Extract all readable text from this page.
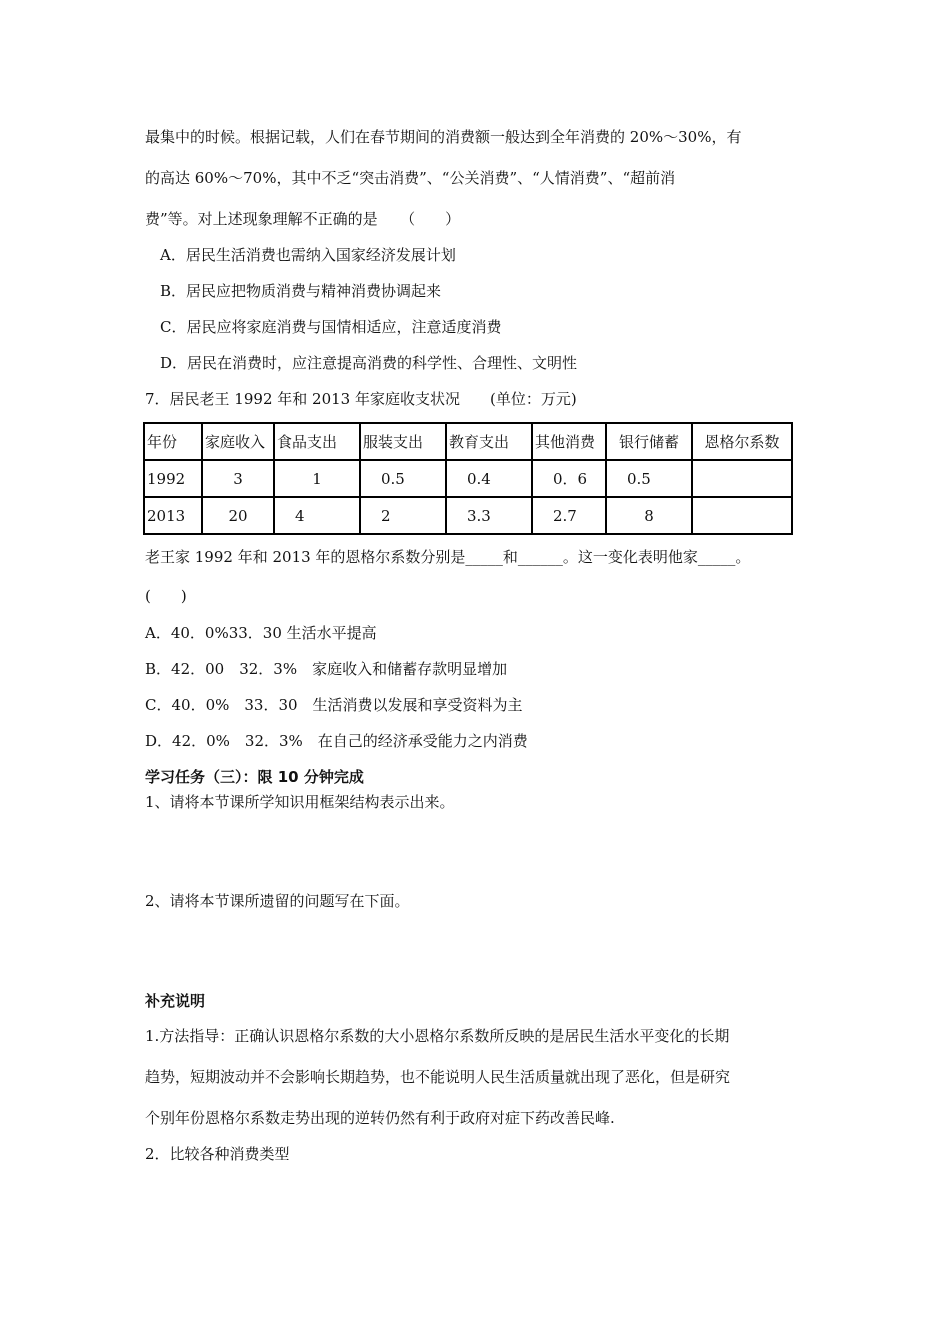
最集中的时候。根据记载，人们在春节期间的消费额一般达到全年消费的 20%～30%，有
的高达 60%～70%，其中不乏“突击消费”、“公关消费”、“人情消费”、“超前消
费”等。对上述现象理解不正确的是　　（　　）
A．居民生活消费也需纳入国家经济发展计划
B．居民应把物质消费与精神消费协调起来
C．居民应将家庭消费与国情相适应，注意适度消费
D．居民在消费时，应注意提高消费的科学性、合理性、文明性
7．居民老王 1992 年和 2013 年家庭收支状况　　(单位：万元)
年份	家庭收入	食品支出	服装支出	教育支出	其他消费	银行储蓄	恩格尔系数
1992	3	1	0.5	0.4	0．6	0.5	
2013	20	4	2	3.3	2.7	8	
老王家 1992 年和 2013 年的恩格尔系数分别是_____和______。这一变化表明他家_____。
(　　)
A．40．0%33．30 生活水平提高
B．42．00　32．3%　家庭收入和储蓄存款明显增加
C．40．0%　33．30　生活消费以发展和享受资料为主
D．42．0%　32．3%　在自己的经济承受能力之内消费
学习任务（三）：限 10 分钟完成
1、请将本节课所学知识用框架结构表示出来。
2、请将本节课所遗留的问题写在下面。
补充说明
1.方法指导：正确认识恩格尔系数的大小恩格尔系数所反映的是居民生活水平变化的长期
趋势，短期波动并不会影响长期趋势，也不能说明人民生活质量就出现了恶化，但是研究
个别年份恩格尔系数走势出现的逆转仍然有利于政府对症下药改善民峰.
2．比较各种消费类型
